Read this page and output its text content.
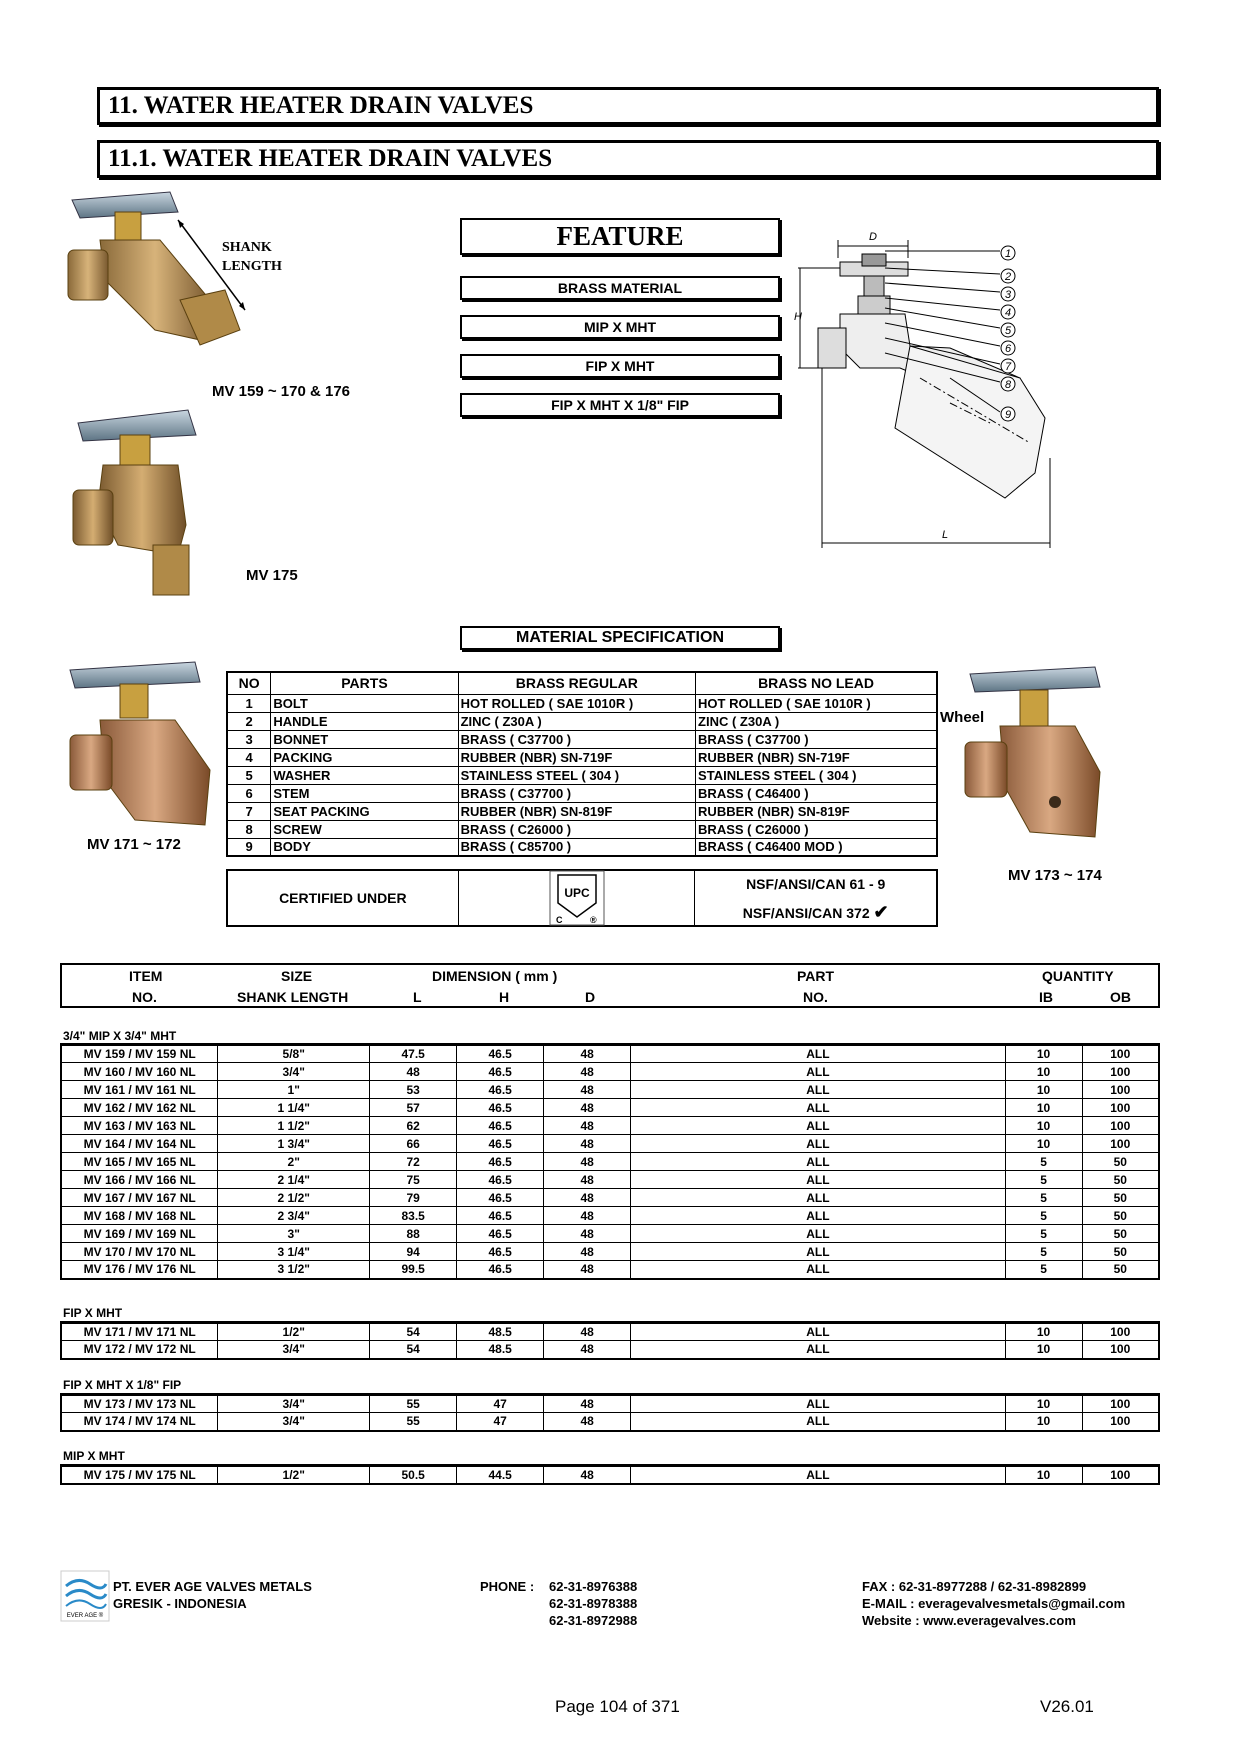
11. WATER HEATER DRAIN VALVES
11.1. WATER HEATER DRAIN VALVES
SHANK
LENGTH
MV 159 ~ 170 & 176
MV 175
FEATURE
BRASS MATERIAL
MIP X MHT
FIP X MHT
FIP X MHT X 1/8" FIP
1
2
3
4
5
6
7
8
9
D
H
L
MATERIAL SPECIFICATION
MV 171 ~ 172
NO	PARTS	BRASS REGULAR	BRASS NO LEAD
1	BOLT	HOT ROLLED ( SAE 1010R )	HOT ROLLED ( SAE 1010R )
2	HANDLE	ZINC ( Z30A )	ZINC ( Z30A )
3	BONNET	BRASS ( C37700 )	BRASS ( C37700 )
4	PACKING	RUBBER (NBR) SN-719F	RUBBER (NBR) SN-719F
5	WASHER	STAINLESS STEEL ( 304 )	STAINLESS STEEL ( 304 )
6	STEM	BRASS ( C37700 )	BRASS ( C46400 )
7	SEAT PACKING	RUBBER (NBR) SN-819F	RUBBER (NBR) SN-819F
8	SCREW	BRASS ( C26000 )	BRASS ( C26000 )
9	BODY	BRASS ( C85700 )	BRASS ( C46400 MOD )
CERTIFIED UNDER	UPC
C	®
NSF/ANSI/CAN 61 - 9
NSF/ANSI/CAN 372 ✔
Wheel
MV 173 ~ 174
ITEM
NO.
SIZE
SHANK LENGTH
DIMENSION ( mm )
L	H	D
PART
NO.
QUANTITY
IB	OB
3/4" MIP X 3/4" MHT
MV 159 / MV 159 NL	5/8"	47.5	46.5	48	ALL	10	100
MV 160 / MV 160 NL	3/4"	48	46.5	48	ALL	10	100
MV 161 / MV 161 NL	1"	53	46.5	48	ALL	10	100
MV 162 / MV 162 NL	1 1/4"	57	46.5	48	ALL	10	100
MV 163 / MV 163 NL	1 1/2"	62	46.5	48	ALL	10	100
MV 164 / MV 164 NL	1 3/4"	66	46.5	48	ALL	10	100
MV 165 / MV 165 NL	2"	72	46.5	48	ALL	5	50
MV 166 / MV 166 NL	2 1/4"	75	46.5	48	ALL	5	50
MV 167 / MV 167 NL	2 1/2"	79	46.5	48	ALL	5	50
MV 168 / MV 168 NL	2 3/4"	83.5	46.5	48	ALL	5	50
MV 169 / MV 169 NL	3"	88	46.5	48	ALL	5	50
MV 170 / MV 170 NL	3 1/4"	94	46.5	48	ALL	5	50
MV 176 / MV 176 NL	3 1/2"	99.5	46.5	48	ALL	5	50
FIP X MHT
MV 171 / MV 171 NL	1/2"	54	48.5	48	ALL	10	100
MV 172 / MV 172 NL	3/4"	54	48.5	48	ALL	10	100
FIP X MHT X 1/8" FIP
MV 173 / MV 173 NL	3/4"	55	47	48	ALL	10	100
MV 174 / MV 174 NL	3/4"	55	47	48	ALL	10	100
MIP X MHT
MV 175 / MV 175 NL	1/2"	50.5	44.5	48	ALL	10	100
EVER AGE ®
PT. EVER AGE VALVES METALS
GRESIK - INDONESIA
PHONE : 62-31-8976388
62-31-8978388
62-31-8972988
FAX : 62-31-8977288 / 62-31-8982899
E-MAIL : everagevalvesmetals@gmail.com
Website : www.everagevalves.com
Page 104 of 371	V26.01
